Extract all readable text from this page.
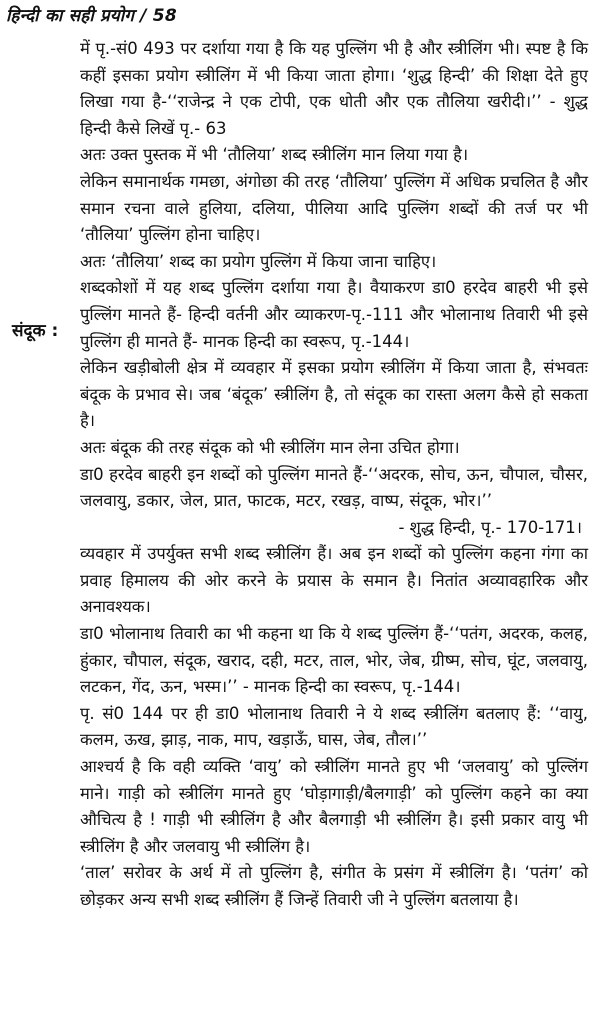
हिन्दी का सही प्रयोग / 58
संदूक :

में पृ.-सं0 493 पर दर्शाया गया है कि यह पुल्लिंग भी है और स्त्रीलिंग भी। स्पष्ट है कि कहीं इसका प्रयोग स्त्रीलिंग में भी किया जाता होगा। ‘शुद्ध हिन्दी’ की शिक्षा देते हुए लिखा गया है-‘‘राजेन्द्र ने एक टोपी, एक धोती और एक तौलिया खरीदी।’’ - शुद्ध हिन्दी कैसे लिखें पृ.- 63

अतः उक्त पुस्तक में भी ‘तौलिया’ शब्द स्त्रीलिंग मान लिया गया है।

लेकिन समानार्थक गमछा, अंगोछा की तरह ‘तौलिया’ पुल्लिंग में अधिक प्रचलित है और समान रचना वाले हुलिया, दलिया, पीलिया आदि पुल्लिंग शब्दों की तर्ज पर भी ‘तौलिया’ पुल्लिंग होना चाहिए।

अतः ‘तौलिया’ शब्द का प्रयोग पुल्लिंग में किया जाना चाहिए।

शब्दकोशों में यह शब्द पुल्लिंग दर्शाया गया है। वैयाकरण डा0 हरदेव बाहरी भी इसे पुल्लिंग मानते हैं- हिन्दी वर्तनी और व्याकरण-पृ.-111 और भोलानाथ तिवारी भी इसे पुल्लिंग ही मानते हैं- मानक हिन्दी का स्वरूप, पृ.-144।

लेकिन खड़ीबोली क्षेत्र में व्यवहार में इसका प्रयोग स्त्रीलिंग में किया जाता है, संभवतः बंदूक के प्रभाव से। जब ‘बंदूक’ स्त्रीलिंग है, तो संदूक का रास्ता अलग कैसे हो सकता है।

अतः बंदूक की तरह संदूक को भी स्त्रीलिंग मान लेना उचित होगा।

डा0 हरदेव बाहरी इन शब्दों को पुल्लिंग मानते हैं-‘‘अदरक, सोच, ऊन, चौपाल, चौसर, जलवायु, डकार, जेल, प्रात, फाटक, मटर, रखड़, वाष्प, संदूक, भोर।’’

- शुद्ध हिन्दी, पृ.- 170-171।

व्यवहार में उपर्युक्त सभी शब्द स्त्रीलिंग हैं। अब इन शब्दों को पुल्लिंग कहना गंगा का प्रवाह हिमालय की ओर करने के प्रयास के समान है। नितांत अव्यावहारिक और अनावश्यक।

डा0 भोलानाथ तिवारी का भी कहना था कि ये शब्द पुल्लिंग हैं-‘‘पतंग, अदरक, कलह, हुंकार, चौपाल, संदूक, खराद, दही, मटर, ताल, भोर, जेब, ग्रीष्म, सोच, घूंट, जलवायु, लटकन, गेंद, ऊन, भस्म।’’ - मानक हिन्दी का स्वरूप, पृ.-144।

पृ. सं0 144 पर ही डा0 भोलानाथ तिवारी ने ये शब्द स्त्रीलिंग बतलाए हैं: ‘‘वायु, कलम, ऊख, झाड़, नाक, माप, खड़ाऊँ, घास, जेब, तौल।’’

आश्चर्य है कि वही व्यक्ति ‘वायु’ को स्त्रीलिंग मानते हुए भी ‘जलवायु’ को पुल्लिंग माने। गाड़ी को स्त्रीलिंग मानते हुए ‘घोड़ागाड़ी/बैलगाड़ी’ को पुल्लिंग कहने का क्या औचित्य है ! गाड़ी भी स्त्रीलिंग है और बैलगाड़ी भी स्त्रीलिंग है। इसी प्रकार वायु भी स्त्रीलिंग है और जलवायु भी स्त्रीलिंग है।

‘ताल’ सरोवर के अर्थ में तो पुल्लिंग है, संगीत के प्रसंग में स्त्रीलिंग है। ‘पतंग’ को छोड़कर अन्य सभी शब्द स्त्रीलिंग हैं जिन्हें तिवारी जी ने पुल्लिंग बतलाया है।
